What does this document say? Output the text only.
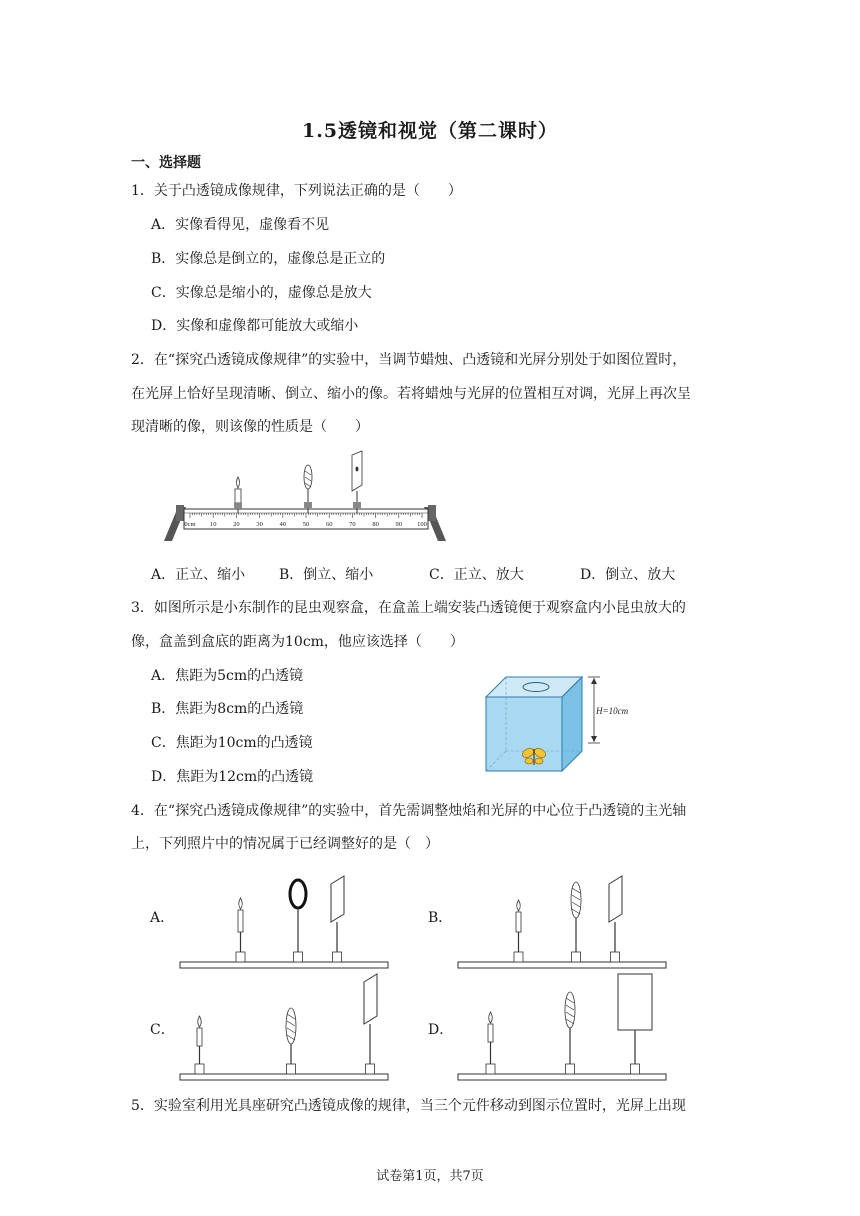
1.5透镜和视觉（第二课时）
一、选择题
1．关于凸透镜成像规律，下列说法正确的是（　　）
A．实像看得见，虚像看不见
B．实像总是倒立的，虚像总是正立的
C．实像总是缩小的，虚像总是放大
D．实像和虚像都可能放大或缩小
2．在“探究凸透镜成像规律”的实验中，当调节蜡烛、凸透镜和光屏分别处于如图位置时，
在光屏上恰好呈现清晰、倒立、缩小的像。若将蜡烛与光屏的位置相互对调，光屏上再次呈
现清晰的像，则该像的性质是（　　）
0cm 10	20	30	40	50	60	70	80	90 100
A．正立、缩小 B．倒立、缩小	C．正立、放大	D．倒立、放大
3．如图所示是小东制作的昆虫观察盒，在盒盖上端安装凸透镜便于观察盒内小昆虫放大的
像，盒盖到盒底的距离为10cm，他应该选择（　　）
A．焦距为5cm的凸透镜
B．焦距为8cm的凸透镜
C．焦距为10cm的凸透镜
D．焦距为12cm的凸透镜
H=10cm
4．在“探究凸透镜成像规律”的实验中，首先需调整烛焰和光屏的中心位于凸透镜的主光轴
上，下列照片中的情况属于已经调整好的是（　）
A．	B．
C．	D．
5．实验室利用光具座研究凸透镜成像的规律，当三个元件移动到图示位置时，光屏上出现
试卷第1页，共7页
